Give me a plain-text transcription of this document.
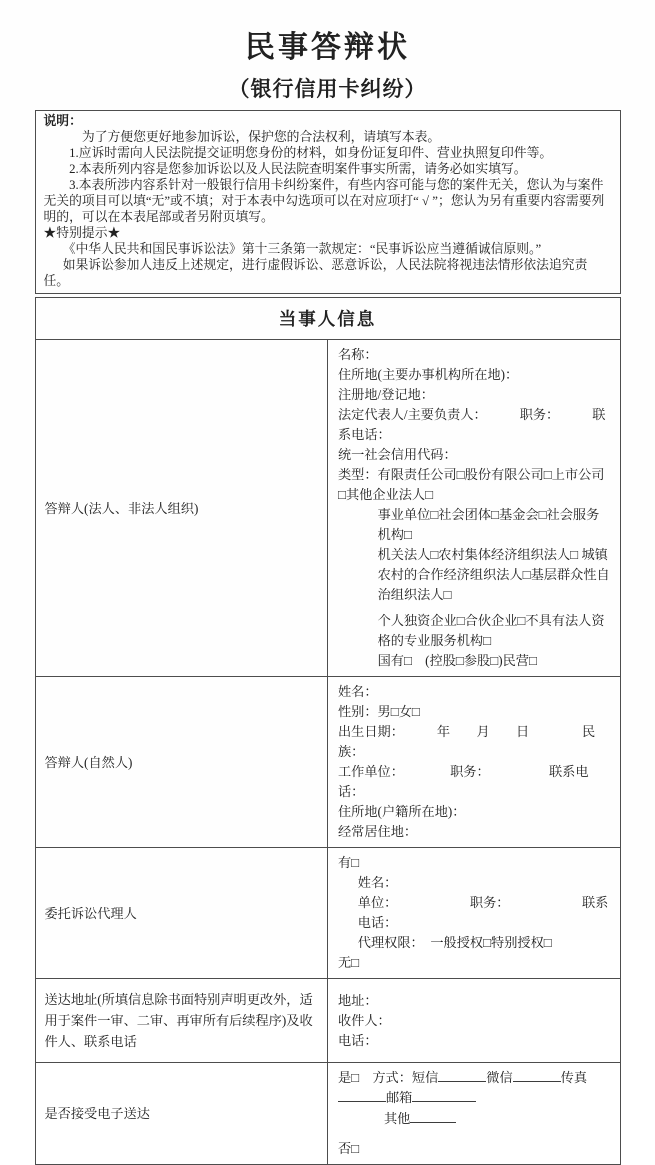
民事答辩状
（银行信用卡纠纷）
说明：

为了方便您更好地参加诉讼，保护您的合法权利，请填写本表。

1.应诉时需向人民法院提交证明您身份的材料，如身份证复印件、营业执照复印件等。

2.本表所列内容是您参加诉讼以及人民法院查明案件事实所需，请务必如实填写。

3.本表所涉内容系针对一般银行信用卡纠纷案件，有些内容可能与您的案件无关，您认为与案件无关的项目可以填“无”或不填；对于本表中勾选项可以在对应项打“ √ ”；您认为另有重要内容需要列明的，可以在本表尾部或者另附页填写。

★特别提示★

《中华人民共和国民事诉讼法》第十三条第一款规定：“民事诉讼应当遵循诚信原则。”

如果诉讼参加人违反上述规定，进行虚假诉讼、恶意诉讼，人民法院将视违法情形依法追究责任。

当事人信息	
答辩人(法人、非法人组织)	
名称：
住所地(主要办事机构所在地)：
注册地/登记地：
法定代表人/主要负责人：　　　职务：　　　联系电话：
统一社会信用代码：
类型：有限责任公司□股份有限公司□上市公司□其他企业法人□
事业单位□社会团体□基金会□社会服务机构□
机关法人□农村集体经济组织法人□ 城镇农村的合作经济组织法人□基层群众性自治组织法人□
个人独资企业□合伙企业□不具有法人资格的专业服务机构□
国有□　(控股□参股□)民营□

答辩人(自然人)	
姓名：
性别：男□女□
出生日期：　　　年　　月　　日　　　　民族：
工作单位：　　　　职务：　　　　　联系电话：
住所地(户籍所在地)：
经常居住地：

委托诉讼代理人	有□
姓名：
单位：　　　　　　职务：　　　　　　联系电话：
代理权限：　一般授权□特别授权□
无□

送达地址(所填信息除书面特别声明更改外，适用于案件一审、二审、再审所有后续程序)及收件人、联系电话	地址：
收件人：
电话：

是否接受电子送达	是□　 方式：短信 微信 传真邮箱
其他
否□
